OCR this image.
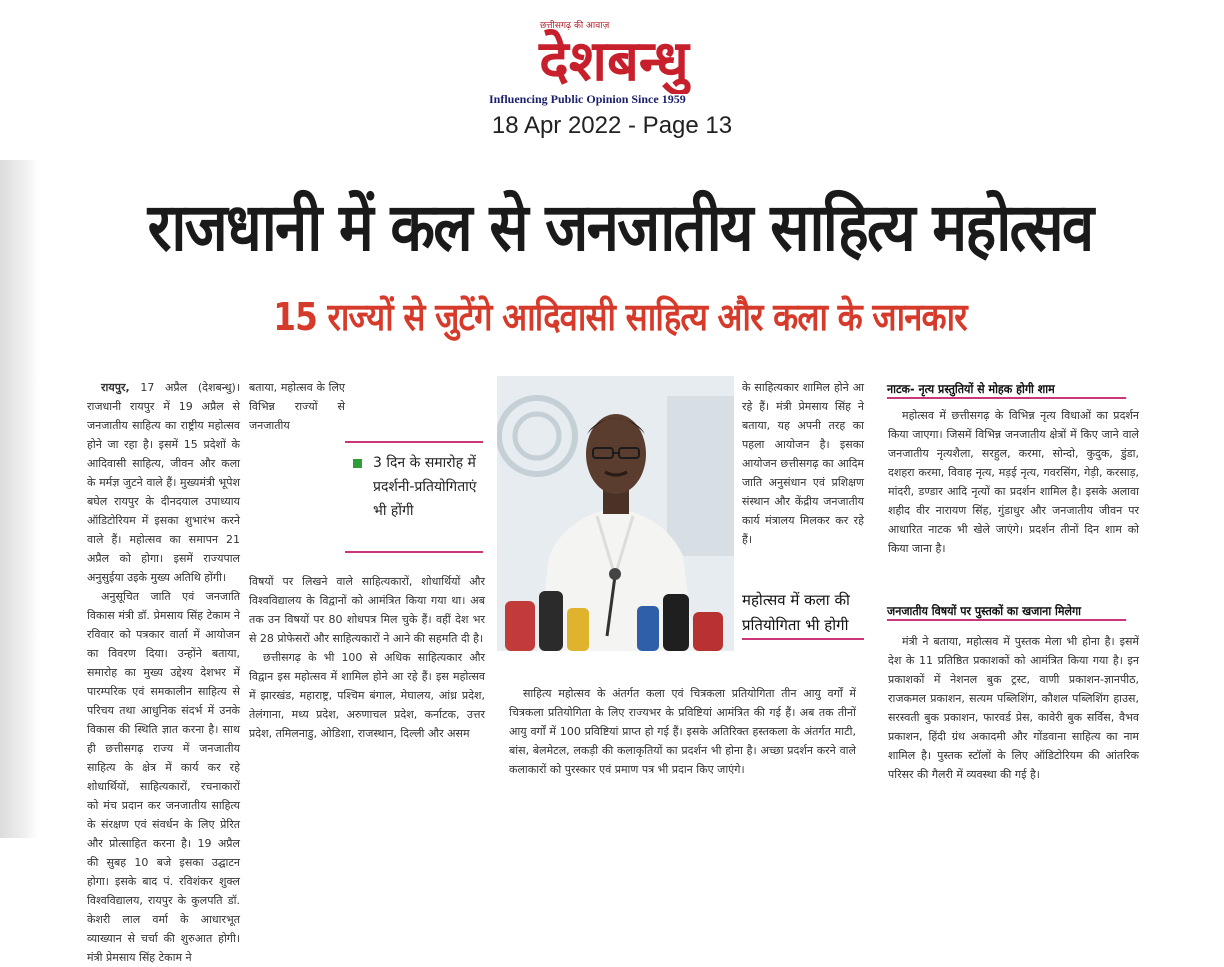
छत्तीसगढ़ की आवाज़
देशबन्धु
Influencing Public Opinion Since 1959
18 Apr 2022 - Page 13
राजधानी में कल से जनजातीय साहित्य महोत्सव
15 राज्यों से जुटेंगे आदिवासी साहित्य और कला के जानकार

रायपुर, 17 अप्रैल (देशबन्धु)। राजधानी रायपुर में 19 अप्रैल से जनजातीय साहित्य का राष्ट्रीय महोत्सव होने जा रहा है। इसमें 15 प्रदेशों के आदिवासी साहित्य, जीवन और कला के मर्मज्ञ जुटने वाले हैं। मुख्यमंत्री भूपेश बघेल रायपुर के दीनदयाल उपाध्याय ऑडिटोरियम में इसका शुभारंभ करने वाले हैं। महोत्सव का समापन 21 अप्रैल को होगा। इसमें राज्यपाल अनुसुईया उइके मुख्य अतिथि होंगी।

अनुसूचित जाति एवं जनजाति विकास मंत्री डॉ. प्रेमसाय सिंह टेकाम ने रविवार को पत्रकार वार्ता में आयोजन का विवरण दिया। उन्होंने बताया, समारोह का मुख्य उद्देश्य देशभर में पारम्परिक एवं समकालीन साहित्य से परिचय तथा आधुनिक संदर्भ में उनके विकास की स्थिति ज्ञात करना है। साथ ही छत्तीसगढ़ राज्य में जनजातीय साहित्य के क्षेत्र में कार्य कर रहे शोधार्थियों, साहित्यकारों, रचनाकारों को मंच प्रदान कर जनजातीय साहित्य के संरक्षण एवं संवर्धन के लिए प्रेरित और प्रोत्साहित करना है। 19 अप्रैल की सुबह 10 बजे इसका उद्घाटन होगा। इसके बाद पं. रविशंकर शुक्ल विश्वविद्यालय, रायपुर के कुलपति डॉ. केशरी लाल वर्मा के आधारभूत व्याख्यान से चर्चा की शुरुआत होगी। मंत्री प्रेमसाय सिंह टेकाम ने

बताया, महोत्सव के लिए विभिन्न राज्यों से जनजातीय
3 दिन के समारोह में प्रदर्शनी-प्रतियोगिताएं भी होंगी

विषयों पर लिखने वाले साहित्यकारों, शोधार्थियों और विश्वविद्यालय के विद्वानों को आमंत्रित किया गया था। अब तक उन विषयों पर 80 शोधपत्र मिल चुके हैं। वहीं देश भर से 28 प्रोफेसरों और साहित्यकारों ने आने की सहमति दी है।

छत्तीसगढ़ के भी 100 से अधिक साहित्यकार और विद्वान इस महोत्सव में शामिल होने आ रहे हैं। इस महोत्सव में झारखंड, महाराष्ट्र, पश्चिम बंगाल, मेघालय, आंध्र प्रदेश, तेलंगाना, मध्य प्रदेश, अरुणाचल प्रदेश, कर्नाटक, उत्तर प्रदेश, तमिलनाडु, ओडिशा, राजस्थान, दिल्ली और असम

के साहित्यकार शामिल होने आ रहे हैं। मंत्री प्रेमसाय सिंह ने बताया, यह अपनी तरह का पहला आयोजन है। इसका आयोजन छत्तीसगढ़ का आदिम जाति अनुसंधान एवं प्रशिक्षण संस्थान और केंद्रीय जनजातीय कार्य मंत्रालय मिलकर कर रहे हैं।
महोत्सव में कला की प्रतियोगिता भी होगी

साहित्य महोत्सव के अंतर्गत कला एवं चित्रकला प्रतियोगिता तीन आयु वर्गों में चित्रकला प्रतियोगिता के लिए राज्यभर के प्रविष्टियां आमंत्रित की गई हैं। अब तक तीनों आयु वर्गों में 100 प्रविष्टियां प्राप्त हो गई हैं। इसके अतिरिक्त हस्तकला के अंतर्गत माटी, बांस, बेलमेटल, लकड़ी की कलाकृतियों का प्रदर्शन भी होना है। अच्छा प्रदर्शन करने वाले कलाकारों को पुरस्कार एवं प्रमाण पत्र भी प्रदान किए जाएंगे।

नाटक- नृत्य प्रस्तुतियों से मोहक होगी शाम

महोत्सव में छत्तीसगढ़ के विभिन्न नृत्य विधाओं का प्रदर्शन किया जाएगा। जिसमें विभिन्न जनजातीय क्षेत्रों में किए जाने वाले जनजातीय नृत्यशैला, सरहुल, करमा, सोन्दो, कुदुक, डुंडा, दशहरा करमा, विवाह नृत्य, मड़ई नृत्य, गवरसिंग, गेड़ी, करसाड़, मांदरी, डण्डार आदि नृत्यों का प्रदर्शन शामिल है। इसके अलावा शहीद वीर नारायण सिंह, गुंडाधुर और जनजातीय जीवन पर आधारित नाटक भी खेले जाएंगे। प्रदर्शन तीनों दिन शाम को किया जाना है।

जनजातीय विषयों पर पुस्तकों का खजाना मिलेगा

मंत्री ने बताया, महोत्सव में पुस्तक मेला भी होना है। इसमें देश के 11 प्रतिष्ठित प्रकाशकों को आमंत्रित किया गया है। इन प्रकाशकों में नेशनल बुक ट्रस्ट, वाणी प्रकाशन-ज्ञानपीठ, राजकमल प्रकाशन, सत्यम पब्लिशिंग, कौशल पब्लिशिंग हाउस, सरस्वती बुक प्रकाशन, फारवर्ड प्रेस, कावेरी बुक सर्विस, वैभव प्रकाशन, हिंदी ग्रंथ अकादमी और गोंडवाना साहित्य का नाम शामिल है। पुस्तक स्टॉलों के लिए ऑडिटोरियम की आंतरिक परिसर की गैलरी में व्यवस्था की गई है।
